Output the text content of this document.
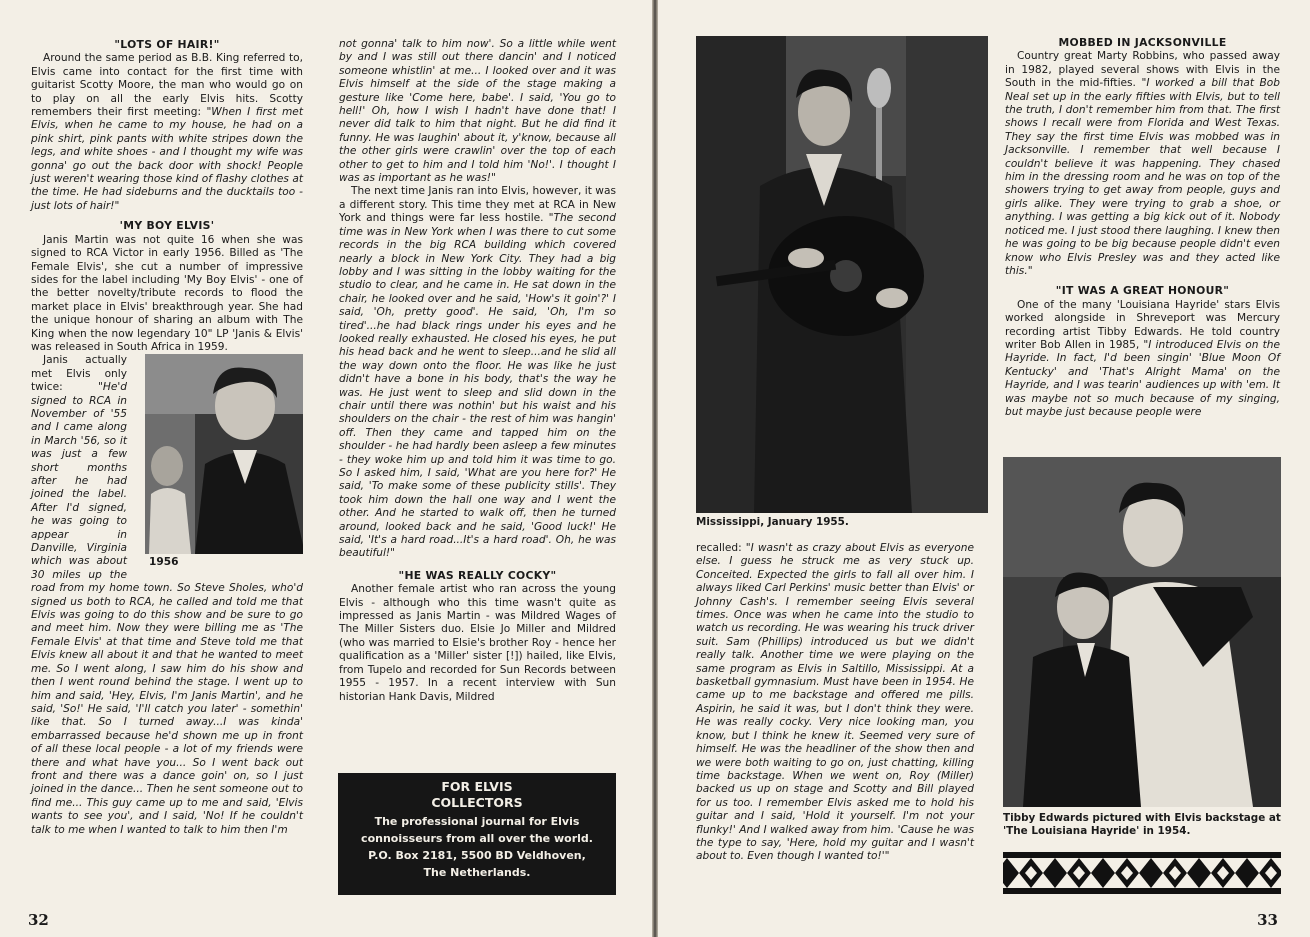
"LOTS OF HAIR!"

Around the same period as B.B. King referred to, Elvis came into contact for the first time with guitarist Scotty Moore, the man who would go on to play on all the early Elvis hits. Scotty remembers their first meeting: "When I first met Elvis, when he came to my house, he had on a pink shirt, pink pants with white stripes down the legs, and white shoes - and I thought my wife was gonna' go out the back door with shock! People just weren't wearing those kind of flashy clothes at the time. He had sideburns and the ducktails too - just lots of hair!"

'MY BOY ELVIS'

Janis Martin was not quite 16 when she was signed to RCA Victor in early 1956. Billed as 'The Female Elvis', she cut a number of impressive sides for the label including 'My Boy Elvis' - one of the better novelty/tribute records to flood the market place in Elvis' breakthrough year. She had the unique honour of sharing an album with The King when the now legendary 10" LP 'Janis & Elvis' was released in South Africa in 1959.

1956
Janis actually met Elvis only twice:	"He'd signed to RCA in November of '55 and I came along in March '56, so it was just a few short months after he had joined the label. After I'd signed, he was going to appear in Danville, Virginia which was about 30 miles up the road from my home town. So Steve Sholes, who'd signed us both to RCA, he called and told me that Elvis was going to do this show and be sure to go and meet him. Now they were billing me as 'The Female Elvis' at that time and Steve told me that Elvis knew all about it and that he wanted to meet me. So I went along, I saw him do his show and then I went round behind the stage. I went up to him and said, 'Hey, Elvis, I'm Janis Martin', and he said, 'So!' He said, 'I'll catch you later' - somethin' like that. So I turned away...I was kinda' embarrassed because he'd shown me up in front of all these local people - a lot of my friends were there and what have you... So I went back out front and there was a dance goin' on, so I just joined in the dance... Then he sent someone out to find me... This guy came up to me and said, 'Elvis wants to see you', and I said, 'No! If he couldn't talk to me when I wanted to talk to him then I'm

not gonna' talk to him now'. So a little while went by and I was still out there dancin' and I noticed someone whistlin' at me... I looked over and it was Elvis himself at the side of the stage making a gesture like 'Come here, babe'. I said, 'You go to hell!' Oh, how I wish I hadn't have done that! I never did talk to him that night. But he did find it funny. He was laughin' about it, y'know, because all the other girls were crawlin' over the top of each other to get to him and I told him 'No!'. I thought I was as important as he was!"

The next time Janis ran into Elvis, however, it was a different story. This time they met at RCA in New York and things were far less hostile. "The second time was in New York when I was there to cut some records in the big RCA building which covered nearly a block in New York City. They had a big lobby and I was sitting in the lobby waiting for the studio to clear, and he came in. He sat down in the chair, he looked over and he said, 'How's it goin'?' I said, 'Oh, pretty good'. He said, 'Oh, I'm so tired'...he had black rings under his eyes and he looked really exhausted. He closed his eyes, he put his head back and he went to sleep...and he slid all the way down onto the floor. He was like he just didn't have a bone in his body, that's the way he was. He just went to sleep and slid down in the chair until there was nothin' but his waist and his shoulders on the chair - the rest of him was hangin' off. Then they came and tapped him on the shoulder - he had hardly been asleep a few minutes - they woke him up and told him it was time to go. So I asked him, I said, 'What are you here for?' He said, 'To make some of these publicity stills'. They took him down the hall one way and I went the other. And he started to walk off, then he turned around, looked back and he said, 'Good luck!' He said, 'It's a hard road...It's a hard road'. Oh, he was beautiful!"

"HE WAS REALLY COCKY"

Another female artist who ran across the young Elvis - although who this time wasn't quite as impressed as Janis Martin - was Mildred Wages of The Miller Sisters duo. Elsie Jo Miller and Mildred (who was married to Elsie's brother Roy - hence her qualification as a 'Miller' sister [!]) hailed, like Elvis, from Tupelo and recorded for Sun Records between 1955 - 1957. In a recent interview with Sun historian Hank Davis, Mildred

FOR ELVIS
COLLECTORS
The professional journal for Elvis
connoisseurs from all over the world.
P.O. Box 2181, 5500 BD Veldhoven,
The Netherlands.
32
Mississippi, January 1955.

recalled: "I wasn't as crazy about Elvis as everyone else. I guess he struck me as very stuck up. Conceited. Expected the girls to fall all over him. I always liked Carl Perkins' music better than Elvis' or Johnny Cash's. I remember seeing Elvis several times. Once was when he came into the studio to watch us recording. He was wearing his truck driver suit. Sam (Phillips) introduced us but we didn't really talk. Another time we were playing on the same program as Elvis in Saltillo, Mississippi. At a basketball gymnasium. Must have been in 1954. He came up to me backstage and offered me pills. Aspirin, he said it was, but I don't think they were. He was really cocky. Very nice looking man, you know, but I think he knew it. Seemed very sure of himself. He was the headliner of the show then and we were both waiting to go on, just chatting, killing time backstage. When we went on, Roy (Miller) backed us up on stage and Scotty and Bill played for us too. I remember Elvis asked me to hold his guitar and I said, 'Hold it yourself. I'm not your flunky!' And I walked away from him. 'Cause he was the type to say, 'Here, hold my guitar and I wasn't about to. Even though I wanted to!'"

MOBBED IN JACKSONVILLE

Country great Marty Robbins, who passed away in 1982, played several shows with Elvis in the South in the mid-fifties. "I worked a bill that Bob Neal set up in the early fifties with Elvis, but to tell the truth, I don't remember him from that. The first shows I recall were from Florida and West Texas. They say the first time Elvis was mobbed was in Jacksonville. I remember that well because I couldn't believe it was happening. They chased him in the dressing room and he was on top of the showers trying to get away from people, guys and girls alike. They were trying to grab a shoe, or anything. I was getting a big kick out of it. Nobody noticed me. I just stood there laughing. I knew then he was going to be big because people didn't even know who Elvis Presley was and they acted like this."

"IT WAS A GREAT HONOUR"

One of the many 'Louisiana Hayride' stars Elvis worked alongside in Shreveport was Mercury recording artist Tibby Edwards. He told country writer Bob Allen in 1985, "I introduced Elvis on the Hayride. In fact, I'd been singin' 'Blue Moon Of Kentucky' and 'That's Alright Mama' on the Hayride, and I was tearin' audiences up with 'em. It was maybe not so much because of my singing, but maybe just because people were

Tibby Edwards pictured with Elvis backstage at 'The Louisiana Hayride' in 1954.
33
